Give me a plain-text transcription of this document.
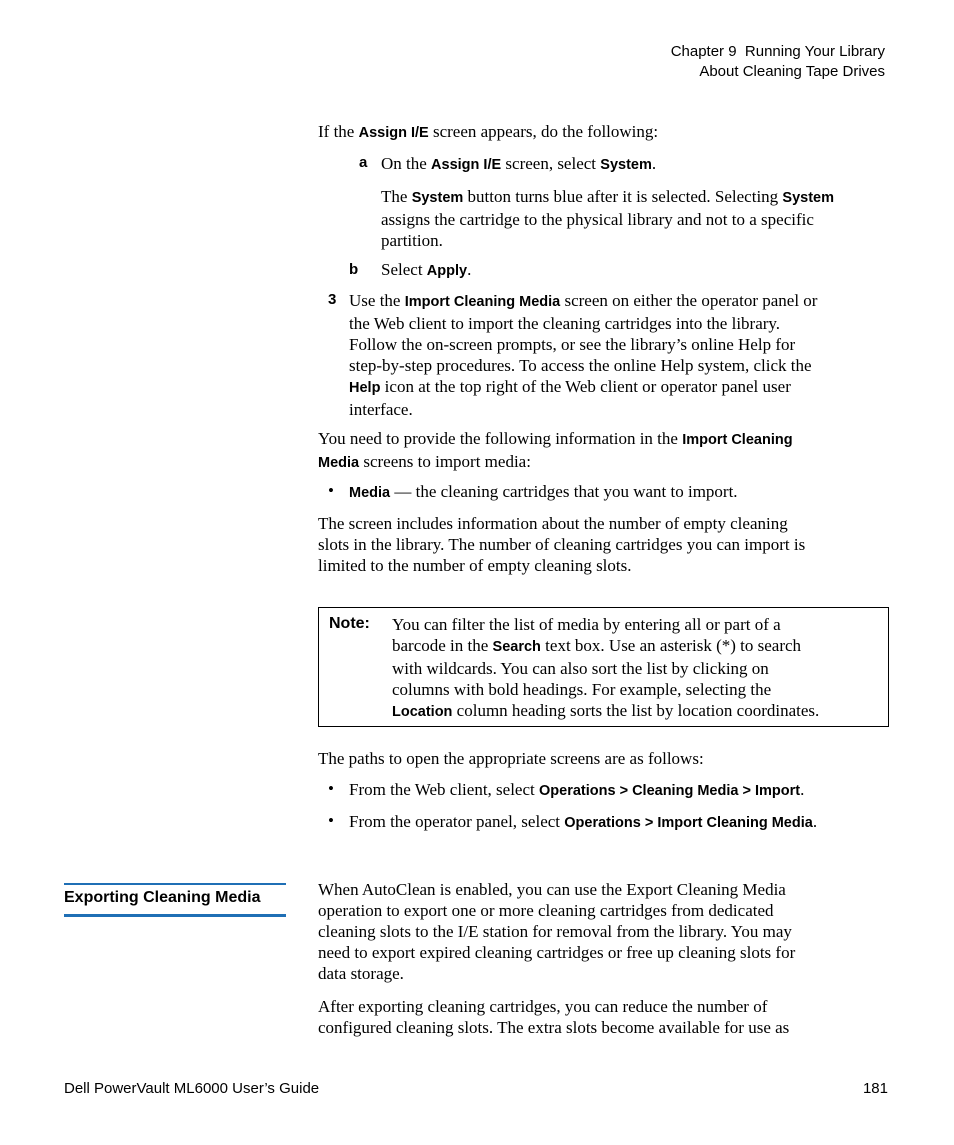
Chapter 9  Running Your Library
About Cleaning Tape Drives

If the Assign I/E screen appears, do the following:

a On the Assign I/E screen, select System.

The System button turns blue after it is selected. Selecting System
assigns the cartridge to the physical library and not to a specific
partition.
b Select Apply.

3 Use the Import Cleaning Media screen on either the operator panel or
the Web client to import the cleaning cartridges into the library.
Follow the on-screen prompts, or see the library’s online Help for
step-by-step procedures. To access the online Help system, click the
Help icon at the top right of the Web client or operator panel user
interface.
You need to provide the following information in the Import Cleaning
Media screens to import media:
• Media — the cleaning cartridges that you want to import.

The screen includes information about the number of empty cleaning
slots in the library. The number of cleaning cartridges you can import is
limited to the number of empty cleaning slots.
Note: You can filter the list of media by entering all or part of a
barcode in the Search text box. Use an asterisk (*) to search
with wildcards. You can also sort the list by clicking on
columns with bold headings. For example, selecting the
Location column heading sorts the list by location coordinates.

The paths to open the appropriate screens are as follows:

• From the Web client, select Operations > Cleaning Media > Import.

• From the operator panel, select Operations > Import Cleaning Media.

Exporting Cleaning Media	When AutoClean is enabled, you can use the Export Cleaning Media
operation to export one or more cleaning cartridges from dedicated
cleaning slots to the I/E station for removal from the library. You may
need to export expired cleaning cartridges or free up cleaning slots for
data storage.
After exporting cleaning cartridges, you can reduce the number of
configured cleaning slots. The extra slots become available for use as
Dell PowerVault ML6000 User’s Guide	181
